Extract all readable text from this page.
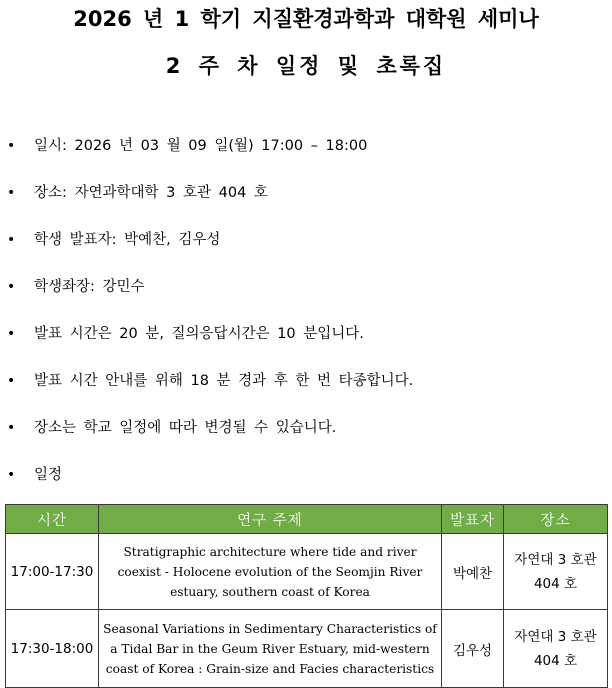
2026 년 1 학기 지질환경과학과 대학원 세미나
2 주 차 일정 및 초록집
• 일시: 2026 년 03 월 09 일(월) 17:00 – 18:00
• 장소: 자연과학대학 3 호관 404 호
• 학생 발표자: 박예찬, 김우성
• 학생좌장: 강민수
• 발표 시간은 20 분, 질의응답시간은 10 분입니다.
• 발표 시간 안내를 위해 18 분 경과 후 한 번 타종합니다.
• 장소는 학교 일정에 따라 변경될 수 있습니다.
• 일정
시간	연구 주제	발표자	장소
17:00-17:30	Stratigraphic architecture where tide and river coexist - Holocene evolution of the Seomjin River estuary, southern coast of Korea	박예찬	자연대 3 호관
404 호

17:30-18:00	Seasonal Variations in Sedimentary Characteristics of a Tidal Bar in the Geum River Estuary, mid-western coast of Korea : Grain-size and Facies characteristics	김우성	자연대 3 호관
404 호
